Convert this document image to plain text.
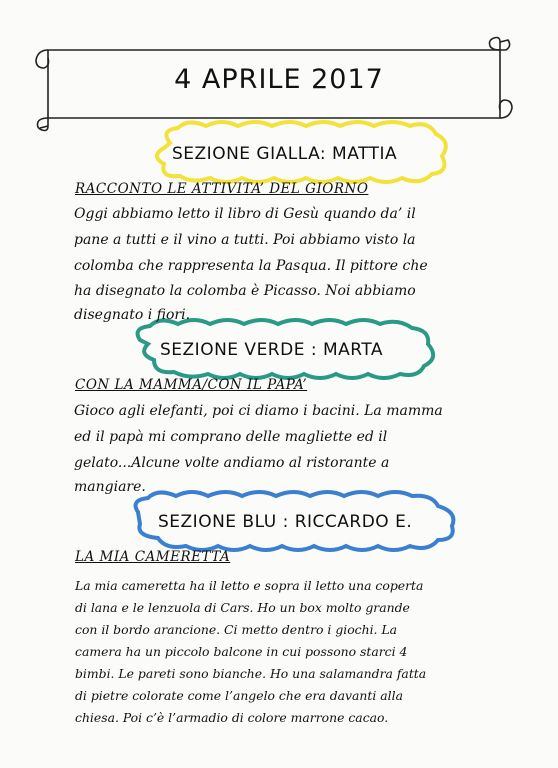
4 APRILE 2017
SEZIONE GIALLA: MATTIA
RACCONTO LE ATTIVITA’ DEL GIORNO
Oggi abbiamo letto il libro di Gesù quando da’ il
pane a tutti e il vino a tutti. Poi abbiamo visto la
colomba che rappresenta la Pasqua. Il pittore che
ha disegnato la colomba è Picasso. Noi abbiamo
disegnato i fiori.
SEZIONE VERDE : MARTA
CON LA MAMMA/CON IL PAPA’
Gioco agli elefanti, poi ci diamo i bacini. La mamma
ed il papà mi comprano delle magliette ed il
gelato...Alcune volte andiamo al ristorante a
mangiare.
SEZIONE BLU : RICCARDO E.
LA MIA CAMERETTA
La mia cameretta ha il letto e sopra il letto una coperta
di lana e le lenzuola di Cars. Ho un box molto grande
con il bordo arancione. Ci metto dentro i giochi. La
camera ha un piccolo balcone in cui possono starci 4
bimbi. Le pareti sono bianche. Ho una salamandra fatta
di pietre colorate come l’angelo che era davanti alla
chiesa. Poi c’è l’armadio di colore marrone cacao.
